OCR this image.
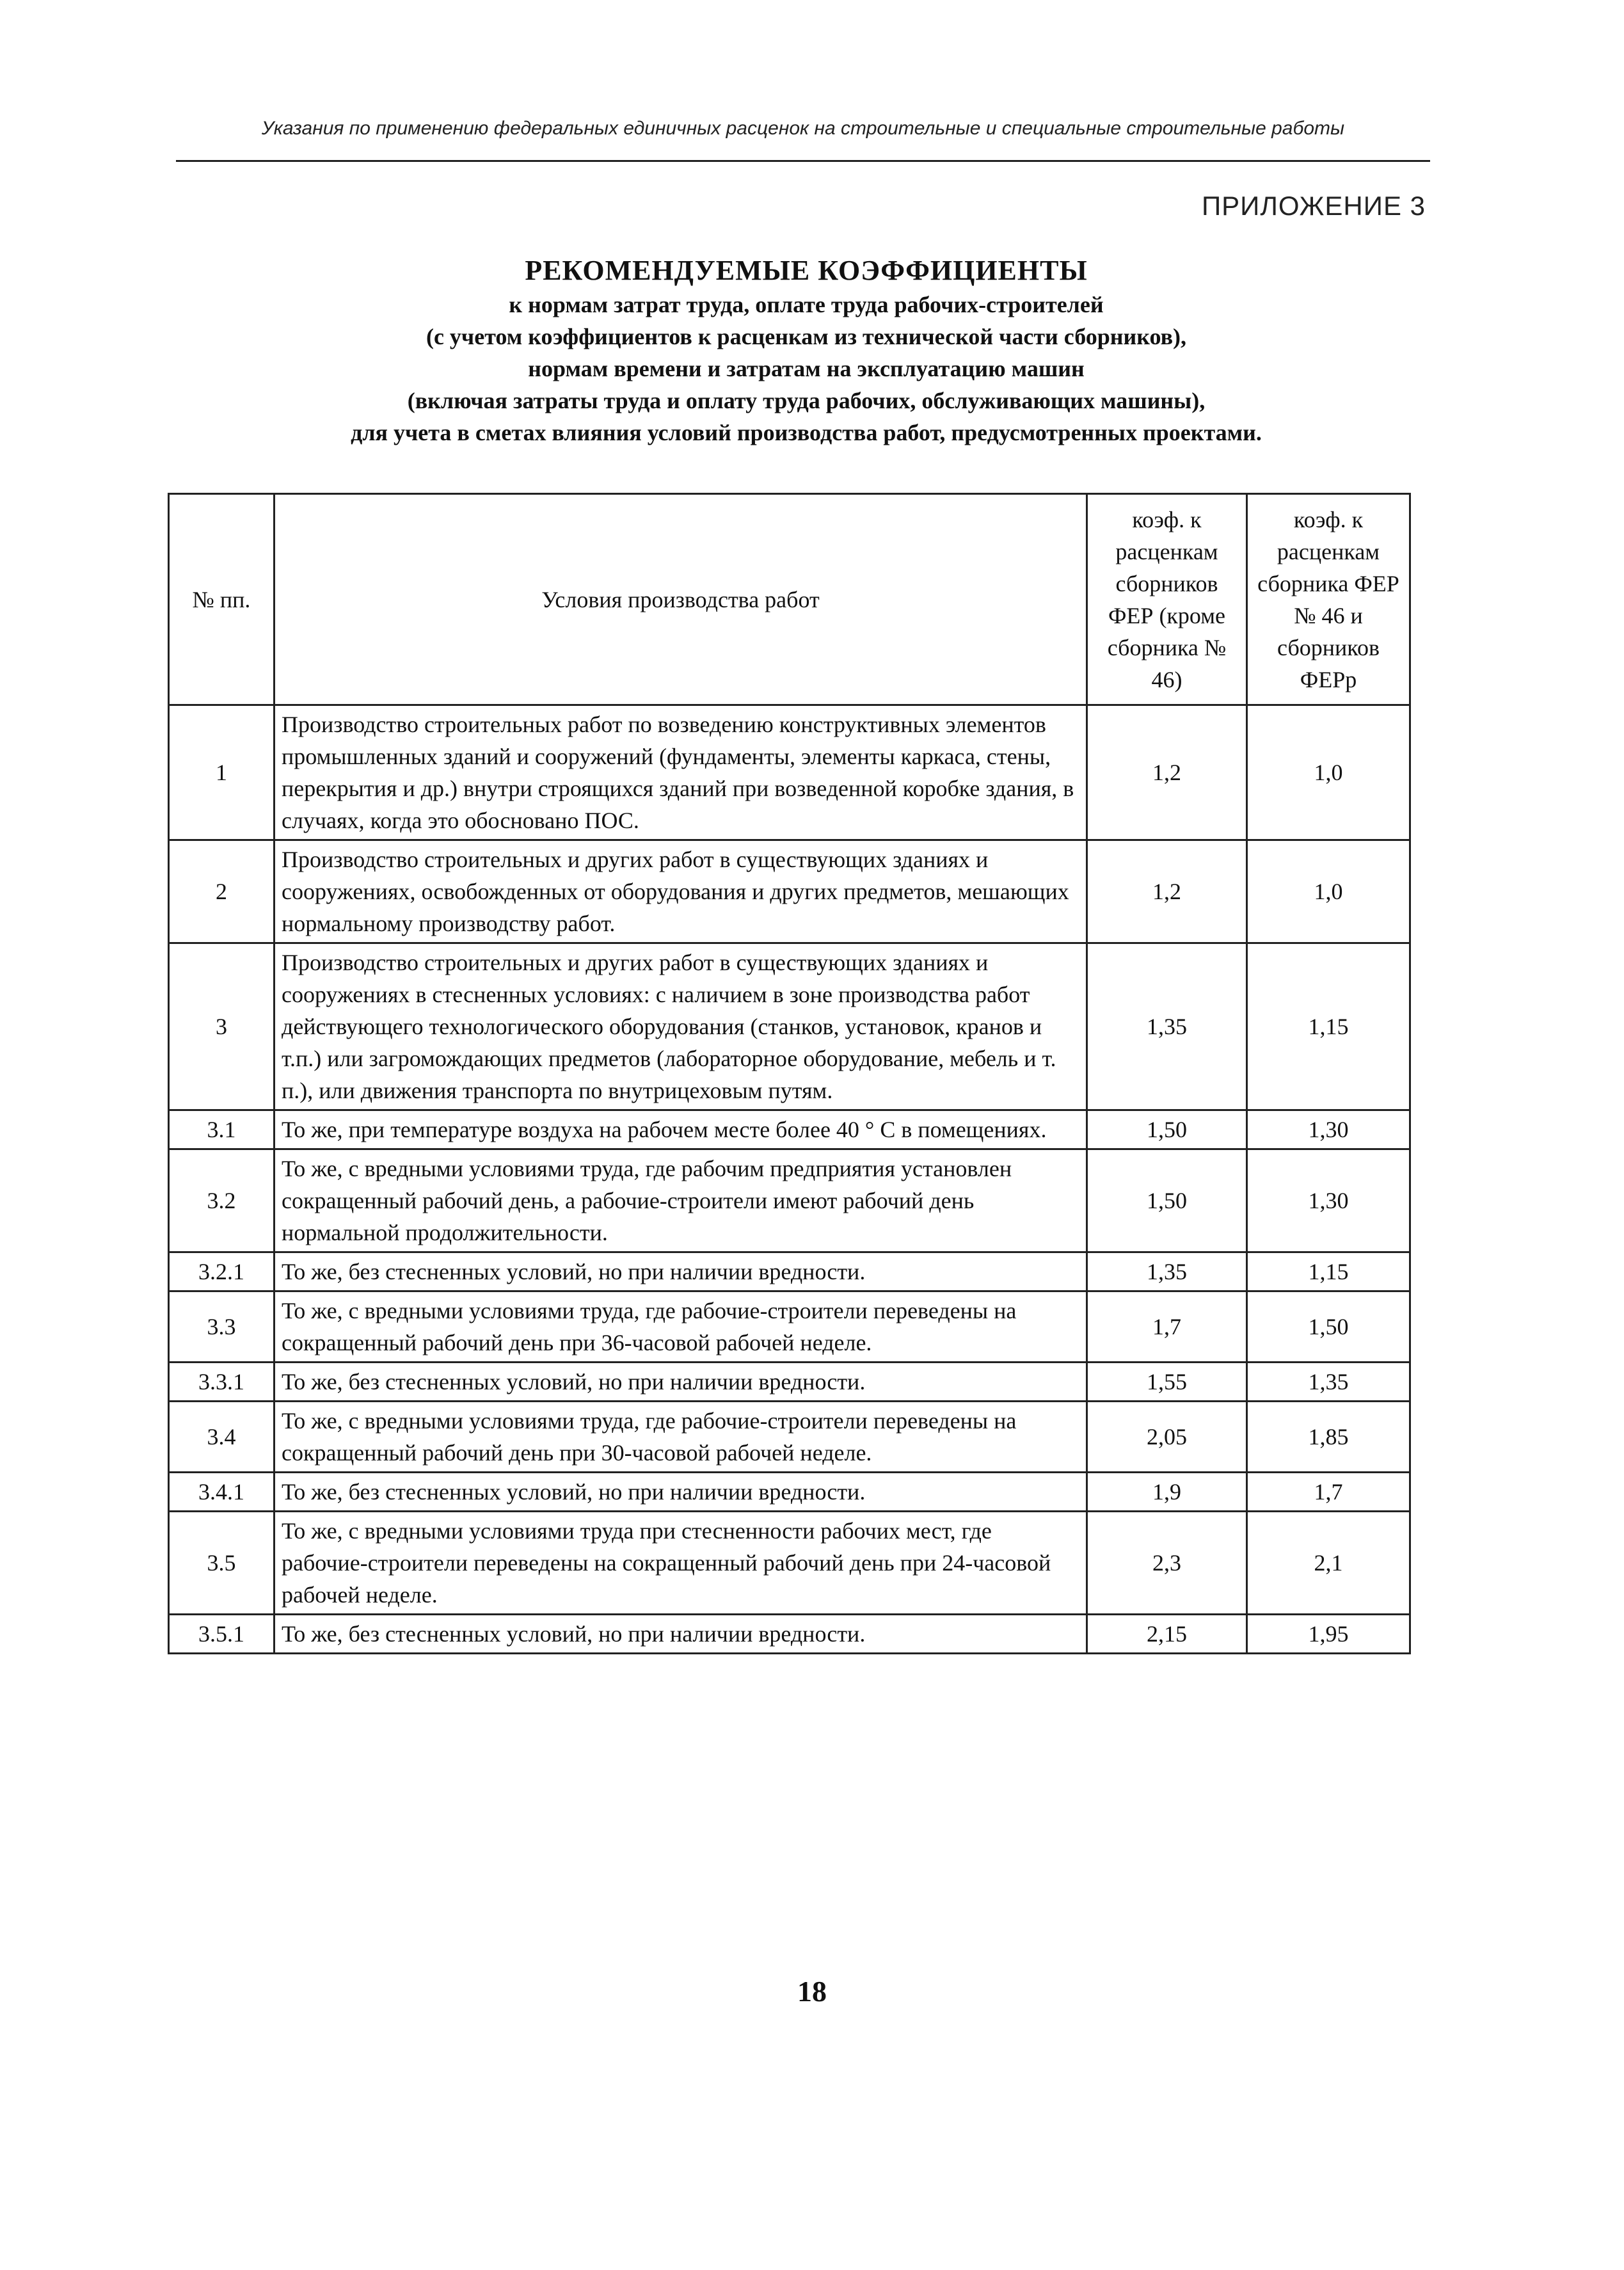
Указания по применению федеральных единичных расценок на строительные и специальные строительные работы
ПРИЛОЖЕНИЕ 3
РЕКОМЕНДУЕМЫЕ КОЭФФИЦИЕНТЫ
к нормам затрат труда, оплате труда рабочих-строителей
(с учетом коэффициентов к расценкам из технической части сборников),
нормам времени и затратам на эксплуатацию машин
(включая затраты труда и оплату труда рабочих, обслуживающих машины),
для учета в сметах влияния условий производства работ, предусмотренных проектами.
№ пп.	Условия производства работ	коэф. к расценкам сборников ФЕР (кроме сборника № 46)	коэф. к расценкам сборника ФЕР № 46 и сборников ФЕРр
1	Производство строительных работ по возведению конструктивных элементов промышленных зданий и сооружений (фундаменты, элементы каркаса, стены, перекрытия и др.) внутри строящихся зданий при возведенной коробке здания, в случаях, когда это обосновано ПОС.	1,2	1,0
2	Производство строительных и других работ в существующих зданиях и сооружениях, освобожденных от оборудования и других предметов, мешающих нормальному производству работ.	1,2	1,0
3	Производство строительных и других работ в существующих зданиях и сооружениях в стесненных условиях: с наличием в зоне производства работ действующего технологического оборудования (станков, установок, кранов и т.п.) или загромождающих предметов (лабораторное оборудование, мебель и т. п.), или движения транспорта по внутрицеховым путям.	1,35	1,15
3.1	То же, при температуре воздуха на рабочем месте более 40 ° С в помещениях.	1,50	1,30
3.2	То же, с вредными условиями труда, где рабочим предприятия установлен сокращенный рабочий день, а рабочие-строители имеют рабочий день нормальной продолжительности.	1,50	1,30
3.2.1	То же, без стесненных условий, но при наличии вредности.	1,35	1,15
3.3	То же, с вредными условиями труда, где рабочие-строители переведены на сокращенный рабочий день при 36-часовой рабочей неделе.	1,7	1,50
3.3.1	То же, без стесненных условий, но при наличии вредности.	1,55	1,35
3.4	То же, с вредными условиями труда, где рабочие-строители переведены на сокращенный рабочий день при 30-часовой рабочей неделе.	2,05	1,85
3.4.1	То же, без стесненных условий, но при наличии вредности.	1,9	1,7
3.5	То же, с вредными условиями труда при стесненности рабочих мест, где рабочие-строители переведены на сокращенный рабочий день при 24-часовой рабочей неделе.	2,3	2,1
3.5.1	То же, без стесненных условий, но при наличии вредности.	2,15	1,95
18
